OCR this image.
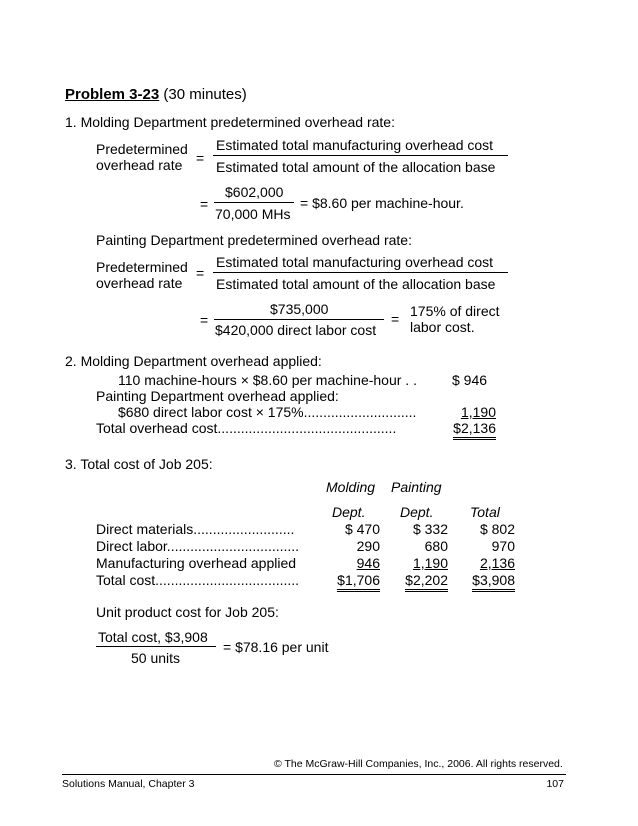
Problem 3-23 (30 minutes)
1. Molding Department predetermined overhead rate:
Predetermined
overhead rate =
Estimated total manufacturing overhead cost
Estimated total amount of the allocation base
=
$602,000
70,000 MHs
= $8.60 per machine-hour.
Painting Department predetermined overhead rate:
Predetermined
overhead rate
=
Estimated total manufacturing overhead cost
Estimated total amount of the allocation base
=
$735,000
$420,000 direct labor cost
= 175% of direct
labor cost.
2. Molding Department overhead applied:
110 machine-hours × $8.60 per machine-hour . .	$ 946
Painting Department overhead applied:
$680 direct labor cost × 175%.............................	1,190
Total overhead cost..............................................	$2,136
3. Total cost of Job 205:
Molding Painting
Dept. Dept.	Total
Direct materials..........................	$ 470	$ 332	$ 802
Direct labor..................................	290	680	970
Manufacturing overhead applied	946	1,190	2,136
Total cost.....................................	$1,706	$2,202	$3,908
Unit product cost for Job 205:
Total cost, $3,908
50 units
= $78.16 per unit
© The McGraw-Hill Companies, Inc., 2006. All rights reserved.
Solutions Manual, Chapter 3	107
